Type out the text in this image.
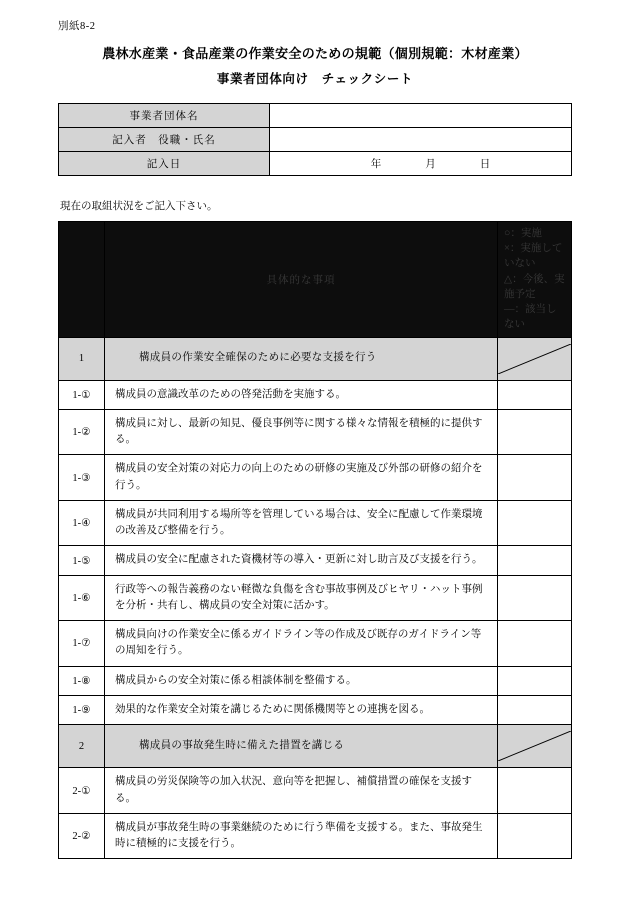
別紙8-2
農林水産業・食品産業の作業安全のための規範（個別規範：木材産業）
事業者団体向け　チェックシート
事業者団体名	
記入者　役職・氏名	
記入日	年 月 日
現在の取組状況をご記入下さい。
	具体的な事項	○：実施
×：実施していない
△：今後、実施予定
―：該当しない

1	構成員の作業安全確保のために必要な支援を行う	

1-①	構成員の意識改革のための啓発活動を実施する。	
1-②	構成員に対し、最新の知見、優良事例等に関する様々な情報を積極的に提供する。	
1-③	構成員の安全対策の対応力の向上のための研修の実施及び外部の研修の紹介を行う。	
1-④	構成員が共同利用する場所等を管理している場合は、安全に配慮して作業環境の改善及び整備を行う。	
1-⑤	構成員の安全に配慮された資機材等の導入・更新に対し助言及び支援を行う。	
1-⑥	行政等への報告義務のない軽微な負傷を含む事故事例及びヒヤリ・ハット事例を分析・共有し、構成員の安全対策に活かす。	
1-⑦	構成員向けの作業安全に係るガイドライン等の作成及び既存のガイドライン等の周知を行う。	
1-⑧	構成員からの安全対策に係る相談体制を整備する。	
1-⑨	効果的な作業安全対策を講じるために関係機関等との連携を図る。	
2	構成員の事故発生時に備えた措置を講じる	

2-①	構成員の労災保険等の加入状況、意向等を把握し、補償措置の確保を支援する。	
2-②	構成員が事故発生時の事業継続のために行う準備を支援する。また、事故発生時に積極的に支援を行う。	
